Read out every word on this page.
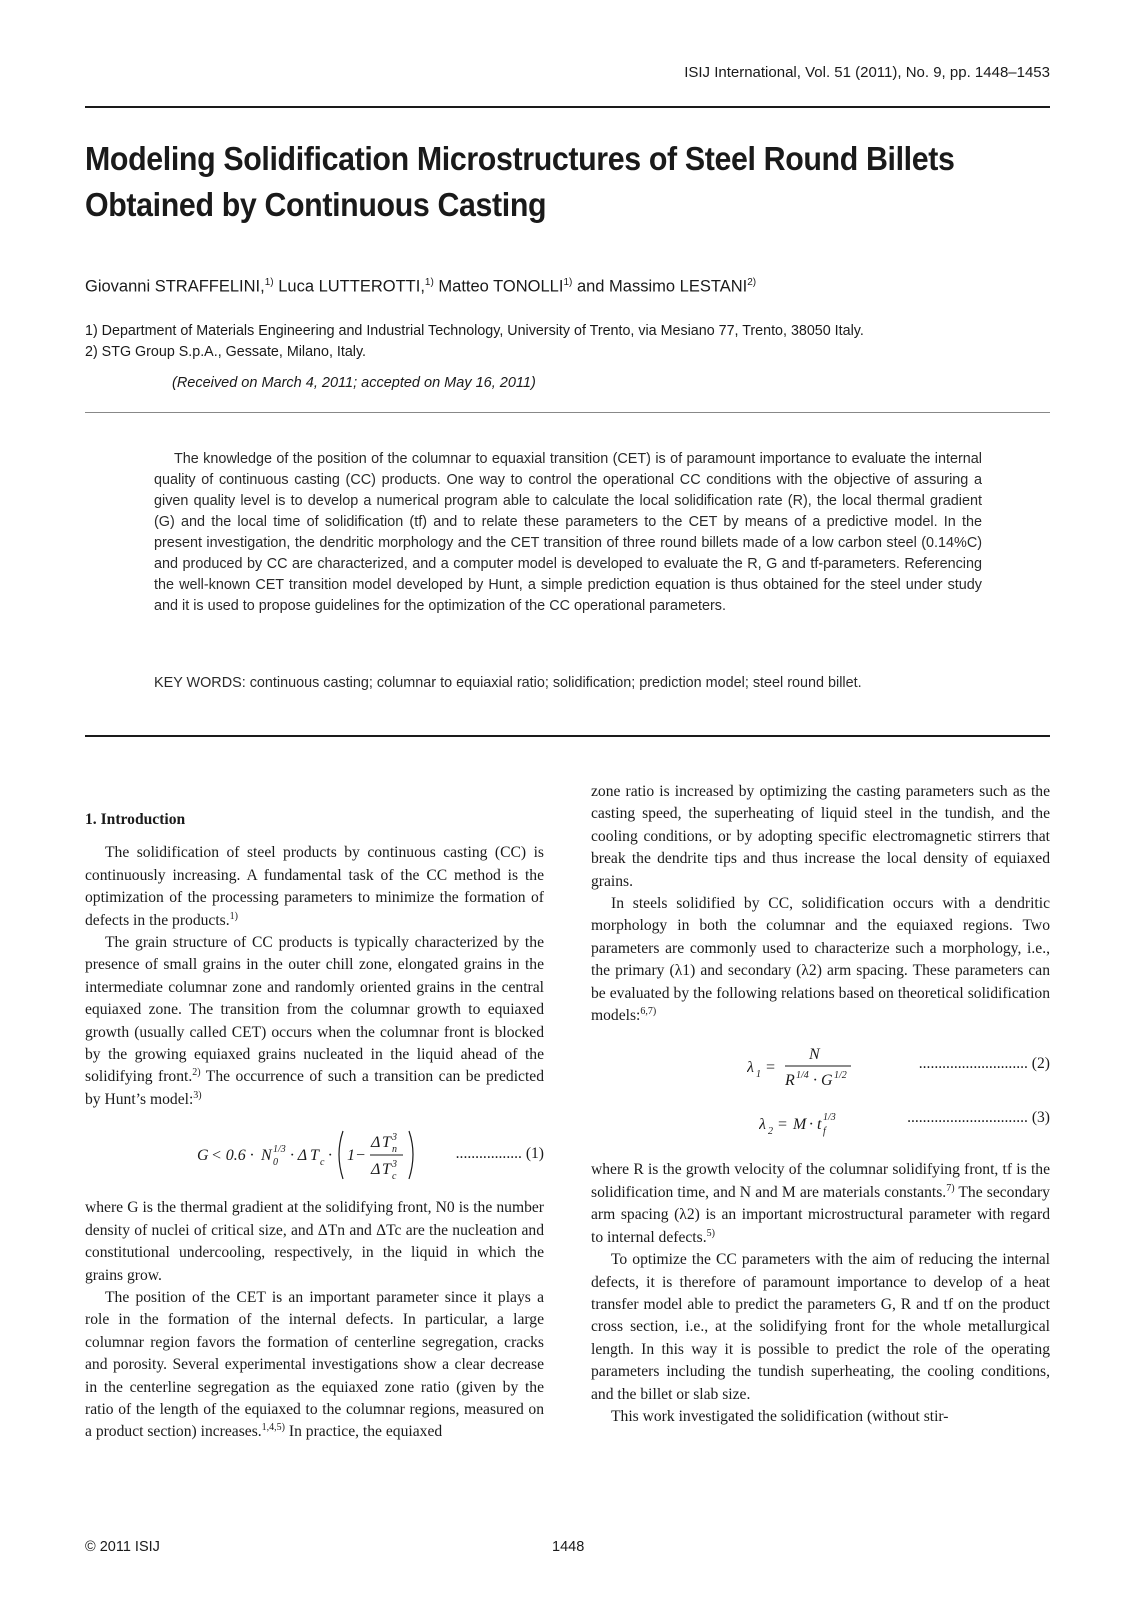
ISIJ International, Vol. 51 (2011), No. 9, pp. 1448–1453
Modeling Solidification Microstructures of Steel Round Billets
Obtained by Continuous Casting
Giovanni STRAFFELINI,$^{1)}$ Luca LUTTEROTTI,$^{1)}$ Matteo TONOLLI$^{1)}$ and Massimo LESTANI$^{2)}$
1) Department of Materials Engineering and Industrial Technology, University of Trento, via Mesiano 77, Trento, 38050 Italy.
2) STG Group S.p.A., Gessate, Milano, Italy.
(Received on March 4, 2011; accepted on May 16, 2011)

The knowledge of the position of the columnar to equaxial transition (CET) is of paramount importance to evaluate the internal quality of continuous casting (CC) products. One way to control the operational CC conditions with the objective of assuring a given quality level is to develop a numerical program able to calculate the local solidification rate (R), the local thermal gradient (G) and the local time of solidification (tf) and to relate these parameters to the CET by means of a predictive model. In the present investigation, the dendritic morphology and the CET transition of three round billets made of a low carbon steel (0.14%C) and produced by CC are characterized, and a computer model is developed to evaluate the R, G and tf-parameters. Referencing the well-known CET transition model developed by Hunt, a simple prediction equation is thus obtained for the steel under study and it is used to propose guidelines for the optimization of the CC operational parameters.

KEY WORDS: continuous casting; columnar to equiaxial ratio; solidification; prediction model; steel round billet.
1. Introduction

The solidification of steel products by continuous casting (CC) is continuously increasing. A fundamental task of the CC method is the optimization of the processing parameters to minimize the formation of defects in the products.$^{1)}$

The grain structure of CC products is typically characterized by the presence of small grains in the outer chill zone, elongated grains in the intermediate columnar zone and randomly oriented grains in the central equiaxed zone. The transition from the columnar growth to equiaxed growth (usually called CET) occurs when the columnar front is blocked by the growing equiaxed grains nucleated in the liquid ahead of the solidifying front.$^{2)}$ The occurrence of such a transition can be predicted by Hunt’s model:$^{3)}$

G < 0.6 · N 0
1/3 · Δ T c · 1−
Δ T 3
n
Δ T 3
c
................. (1)

where G is the thermal gradient at the solidifying front, N0 is the number density of nuclei of critical size, and ΔTn and ΔTc are the nucleation and constitutional undercooling, respectively, in the liquid in which the grains grow.

The position of the CET is an important parameter since it plays a role in the formation of the internal defects. In particular, a large columnar region favors the formation of centerline segregation, cracks and porosity. Several experimental investigations show a clear decrease in the centerline segregation as the equiaxed zone ratio (given by the ratio of the length of the equiaxed to the columnar regions, measured on a product section) increases.$^{1,4,5)}$ In practice, the equiaxed

zone ratio is increased by optimizing the casting parameters such as the casting speed, the superheating of liquid steel in the tundish, and the cooling conditions, or by adopting specific electromagnetic stirrers that break the dendrite tips and thus increase the local density of equiaxed grains.

In steels solidified by CC, solidification occurs with a dendritic morphology in both the columnar and the equiaxed regions. Two parameters are commonly used to characterize such a morphology, i.e., the primary (λ1) and secondary (λ2) arm spacing. These parameters can be evaluated by the following relations based on theoretical solidification models:$^{6,7)}$

λ 1 =
N
R 1/4 · G 1/2
............................ (2)
λ 2 = M · t f
1/3	............................... (3)

where R is the growth velocity of the columnar solidifying front, tf is the solidification time, and N and M are materials constants.$^{7)}$ The secondary arm spacing (λ2) is an important microstructural parameter with regard to internal defects.$^{5)}$

To optimize the CC parameters with the aim of reducing the internal defects, it is therefore of paramount importance to develop of a heat transfer model able to predict the parameters G, R and tf on the product cross section, i.e., at the solidifying front for the whole metallurgical length. In this way it is possible to predict the role of the operating parameters including the tundish superheating, the cooling conditions, and the billet or slab size.

This work investigated the solidification (without stir-

© 2011 ISIJ	1448
